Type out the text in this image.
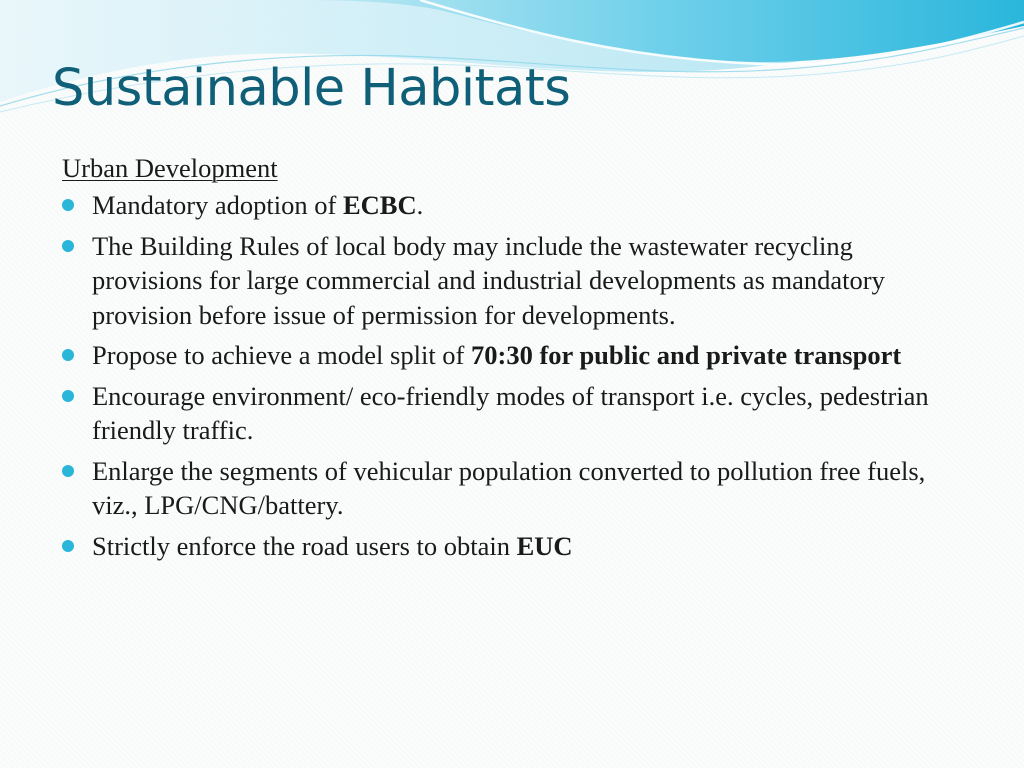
Sustainable Habitats
Urban Development
Mandatory adoption of ECBC.
The Building Rules of local body may include the wastewater recycling provisions for large commercial and industrial developments as mandatory provision before issue of permission for developments.
Propose to achieve a model split of 70:30 for public and private transport
Encourage environment/ eco-friendly modes of transport i.e. cycles, pedestrian friendly traffic.
Enlarge the segments of vehicular population converted to pollution free fuels, viz., LPG/CNG/battery.
Strictly enforce the road users to obtain EUC
